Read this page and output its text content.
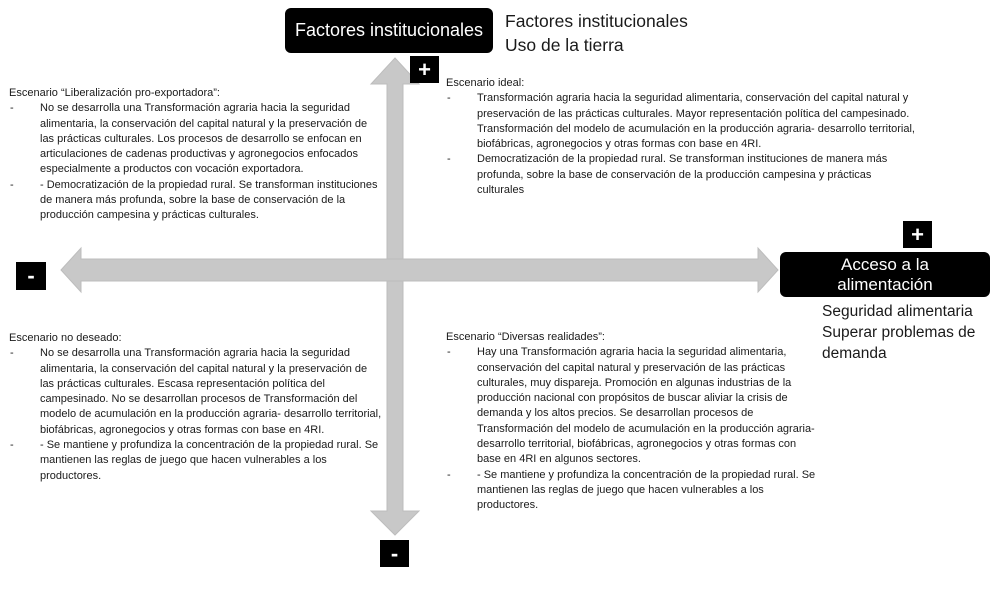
Factores institucionales Factores institucionales
Uso de la tierra
+
-
-
+
Acceso a la alimentación
Seguridad alimentaria
Superar problemas de
demanda

Escenario “Liberalización pro-exportadora”:

- No se desarrolla una Transformación agraria hacia la seguridad alimentaria, la conservación del capital natural y la preservación de las prácticas culturales. Los procesos de desarrollo se enfocan en articulaciones de cadenas productivas y agronegocios enfocados especialmente a productos con vocación exportadora.
- - Democratización de la propiedad rural. Se transforman instituciones de manera más profunda, sobre la base de conservación de la producción campesina y prácticas culturales.

Escenario ideal:

- Transformación agraria hacia la seguridad alimentaria, conservación del capital natural y preservación de las prácticas culturales. Mayor representación política del campesinado. Transformación del modelo de acumulación en la producción agraria- desarrollo territorial, biofábricas, agronegocios y otras formas con base en 4RI.
- Democratización de la propiedad rural. Se transforman instituciones de manera más profunda, sobre la base de conservación de la producción campesina y prácticas culturales

Escenario no deseado:

- No se desarrolla una Transformación agraria hacia la seguridad alimentaria, la conservación del capital natural y la preservación de las prácticas culturales. Escasa representación política del campesinado. No se desarrollan procesos de Transformación del modelo de acumulación en la producción agraria- desarrollo territorial, biofábricas, agronegocios y otras formas con base en 4RI.
- - Se mantiene y profundiza la concentración de la propiedad rural. Se mantienen las reglas de juego que hacen vulnerables a los productores.

Escenario “Diversas realidades”:

- Hay una Transformación agraria hacia la seguridad alimentaria, conservación del capital natural y preservación de las prácticas culturales, muy dispareja. Promoción en algunas industrias de la producción nacional con propósitos de buscar aliviar la crisis de demanda y los altos precios. Se desarrollan procesos de Transformación del modelo de acumulación en la producción agraria- desarrollo territorial, biofábricas, agronegocios y otras formas con base en 4RI en algunos sectores.
- - Se mantiene y profundiza la concentración de la propiedad rural. Se mantienen las reglas de juego que hacen vulnerables a los productores.
